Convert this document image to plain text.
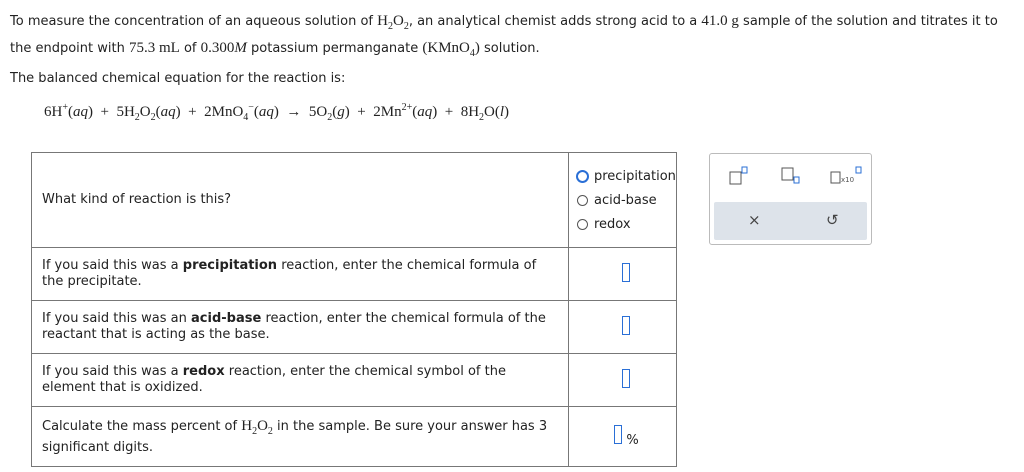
To measure the concentration of an aqueous solution of $H_2O_2$, an analytical chemist adds strong acid to a 41.0 g sample of the solution and titrates it to the endpoint with 75.3 mL of 0.300M potassium permanganate (KMnO$_4$) solution.
The balanced chemical equation for the reaction is:
$6H^+(aq) + 5H_2O_2(aq) + 2MnO_4^-(aq) \to 5O_2(g) + 2Mn^{2+}(aq) + 8H_2O(l)$
What kind of reaction is this?	precipitation
acid-base
redox

If you said this was a precipitation reaction, enter the chemical formula of the precipitate.	
If you said this was an acid-base reaction, enter the chemical formula of the reactant that is acting as the base.	
If you said this was a redox reaction, enter the chemical symbol of the element that is oxidized.	
Calculate the mass percent of $H_2O_2$ in the sample. Be sure your answer has 3 significant digits.	%
x10
×	↺
